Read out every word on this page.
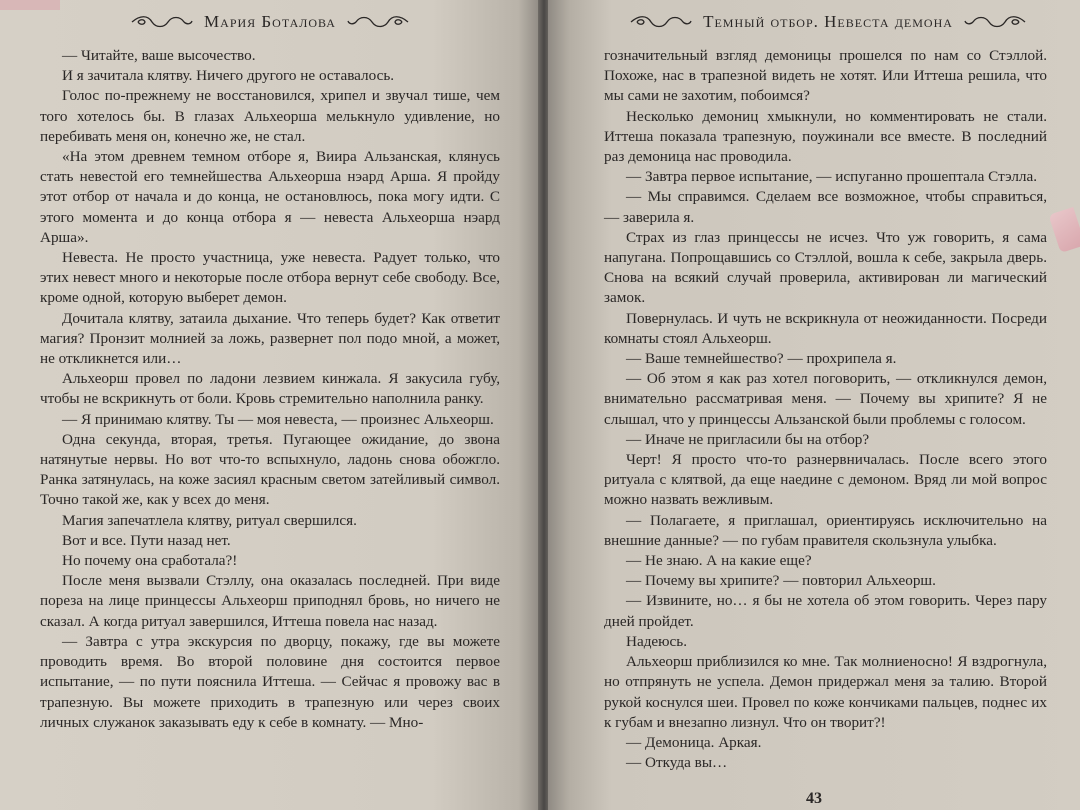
Мария Боталова

— Читайте, ваше высочество.

И я зачитала клятву. Ничего другого не оставалось.

Голос по-прежнему не восстановился, хрипел и звучал тише, чем того хотелось бы. В глазах Альхеорша мелькнуло удивление, но перебивать меня он, конечно же, не стал.

«На этом древнем темном отборе я, Виира Альзанская, клянусь стать невестой его темнейшества Альхеорша нэард Арша. Я пройду этот отбор от начала и до конца, не остановлюсь, пока могу идти. С этого момента и до конца отбора я — невеста Альхеорша нэард Арша».

Невеста. Не просто участница, уже невеста. Радует только, что этих невест много и некоторые после отбора вернут себе свободу. Все, кроме одной, которую выберет демон.

Дочитала клятву, затаила дыхание. Что теперь будет? Как ответит магия? Пронзит молнией за ложь, развернет пол подо мной, а может, не откликнется или…

Альхеорш провел по ладони лезвием кинжала. Я закусила губу, чтобы не вскрикнуть от боли. Кровь стремительно наполнила ранку.

— Я принимаю клятву. Ты — моя невеста, — произнес Альхеорш.

Одна секунда, вторая, третья. Пугающее ожидание, до звона натянутые нервы. Но вот что-то вспыхнуло, ладонь снова обожгло. Ранка затянулась, на коже засиял красным светом затейливый символ. Точно такой же, как у всех до меня.

Магия запечатлела клятву, ритуал свершился.

Вот и все. Пути назад нет.

Но почему она сработала?!

После меня вызвали Стэллу, она оказалась последней. При виде пореза на лице принцессы Альхеорш приподнял бровь, но ничего не сказал. А когда ритуал завершился, Иттеша повела нас назад.

— Завтра с утра экскурсия по дворцу, покажу, где вы можете проводить время. Во второй половине дня состоится первое испытание, — по пути пояснила Иттеша. — Сейчас я провожу вас в трапезную. Вы можете приходить в трапезную или через своих личных служанок заказывать еду к себе в комнату. — Мно-

Темный отбор. Невеста демона

гозначительный взгляд демоницы прошелся по нам со Стэллой. Похоже, нас в трапезной видеть не хотят. Или Иттеша решила, что мы сами не захотим, побоимся?

Несколько демониц хмыкнули, но комментировать не стали. Иттеша показала трапезную, поужинали все вместе. В последний раз демоница нас проводила.

— Завтра первое испытание, — испуганно прошептала Стэлла.

— Мы справимся. Сделаем все возможное, чтобы справиться, — заверила я.

Страх из глаз принцессы не исчез. Что уж говорить, я сама напугана. Попрощавшись со Стэллой, вошла к себе, закрыла дверь. Снова на всякий случай проверила, активирован ли магический замок.

Повернулась. И чуть не вскрикнула от неожиданности. Посреди комнаты стоял Альхеорш.

— Ваше темнейшество? — прохрипела я.

— Об этом я как раз хотел поговорить, — откликнулся демон, внимательно рассматривая меня. — Почему вы хрипите? Я не слышал, что у принцессы Альзанской были проблемы с голосом.

— Иначе не пригласили бы на отбор?

Черт! Я просто что-то разнервничалась. После всего этого ритуала с клятвой, да еще наедине с демоном. Вряд ли мой вопрос можно назвать вежливым.

— Полагаете, я приглашал, ориентируясь исключительно на внешние данные? — по губам правителя скользнула улыбка.

— Не знаю. А на какие еще?

— Почему вы хрипите? — повторил Альхеорш.

— Извините, но… я бы не хотела об этом говорить. Через пару дней пройдет.

Надеюсь.

Альхеорш приблизился ко мне. Так молниеносно! Я вздрогнула, но отпрянуть не успела. Демон придержал меня за талию. Второй рукой коснулся шеи. Провел по коже кончиками пальцев, поднес их к губам и внезапно лизнул. Что он творит?!

— Демоница. Аркая.

— Откуда вы…

43
